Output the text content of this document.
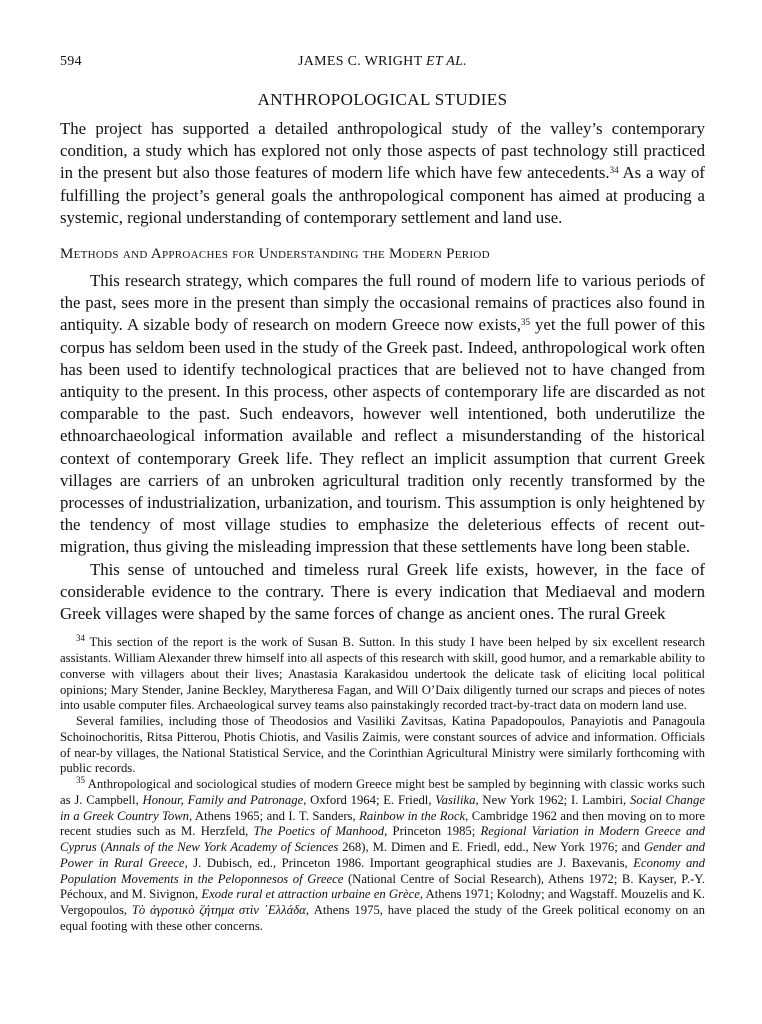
594	JAMES C. WRIGHT ET AL.
ANTHROPOLOGICAL STUDIES

The project has supported a detailed anthropological study of the valley’s contemporary condition, a study which has explored not only those aspects of past technology still practiced in the present but also those features of modern life which have few antecedents.$^{34}$ As a way of fulfilling the project’s general goals the anthropological component has aimed at producing a systemic, regional understanding of contemporary settlement and land use.

Methods and Approaches for Understanding the Modern Period

This research strategy, which compares the full round of modern life to various periods of the past, sees more in the present than simply the occasional remains of practices also found in antiquity. A sizable body of research on modern Greece now exists,$^{35}$ yet the full power of this corpus has seldom been used in the study of the Greek past. Indeed, anthropological work often has been used to identify technological practices that are believed not to have changed from antiquity to the present. In this process, other aspects of contemporary life are discarded as not comparable to the past. Such endeavors, however well intentioned, both underutilize the ethnoarchaeological information available and reflect a misunderstanding of the historical context of contemporary Greek life. They reflect an implicit assumption that current Greek villages are carriers of an unbroken agricultural tradition only recently transformed by the processes of industrialization, urbanization, and tourism. This assumption is only heightened by the tendency of most village studies to emphasize the deleterious effects of recent out-migration, thus giving the misleading impression that these settlements have long been stable.

This sense of untouched and timeless rural Greek life exists, however, in the face of considerable evidence to the contrary. There is every indication that Mediaeval and modern Greek villages were shaped by the same forces of change as ancient ones. The rural Greek

$^{34}$ This section of the report is the work of Susan B. Sutton. In this study I have been helped by six excellent research assistants. William Alexander threw himself into all aspects of this research with skill, good humor, and a remarkable ability to converse with villagers about their lives; Anastasia Karakasidou undertook the delicate task of eliciting local political opinions; Mary Stender, Janine Beckley, Marytheresa Fagan, and Will O’Daix diligently turned our scraps and pieces of notes into usable computer files. Archaeological survey teams also painstakingly recorded tract-by-tract data on modern land use.

Several families, including those of Theodosios and Vasiliki Zavitsas, Katina Papadopoulos, Panayiotis and Panagoula Schoinochoritis, Ritsa Pitterou, Photis Chiotis, and Vasilis Zaimis, were constant sources of advice and information. Officials of near-by villages, the National Statistical Service, and the Corinthian Agricultural Ministry were similarly forthcoming with public records.

$^{35}$ Anthropological and sociological studies of modern Greece might best be sampled by beginning with classic works such as J. Campbell, Honour, Family and Patronage, Oxford 1964; E. Friedl, Vasilika, New York 1962; I. Lambiri, Social Change in a Greek Country Town, Athens 1965; and I. T. Sanders, Rainbow in the Rock, Cambridge 1962 and then moving on to more recent studies such as M. Herzfeld, The Poetics of Manhood, Princeton 1985; Regional Variation in Modern Greece and Cyprus (Annals of the New York Academy of Sciences 268), M. Dimen and E. Friedl, edd., New York 1976; and Gender and Power in Rural Greece, J. Dubisch, ed., Princeton 1986. Important geographical studies are J. Baxevanis, Economy and Population Movements in the Peloponnesos of Greece (National Centre of Social Research), Athens 1972; B. Kayser, P.-Y. Péchoux, and M. Sivignon, Exode rural et attraction urbaine en Grèce, Athens 1971; Kolodny; and Wagstaff. Mouzelis and K. Vergopoulos, Τὸ ἀγροτικὸ ζήτημα στὶν ᾿Ελλάδα, Athens 1975, have placed the study of the Greek political economy on an equal footing with these other concerns.
